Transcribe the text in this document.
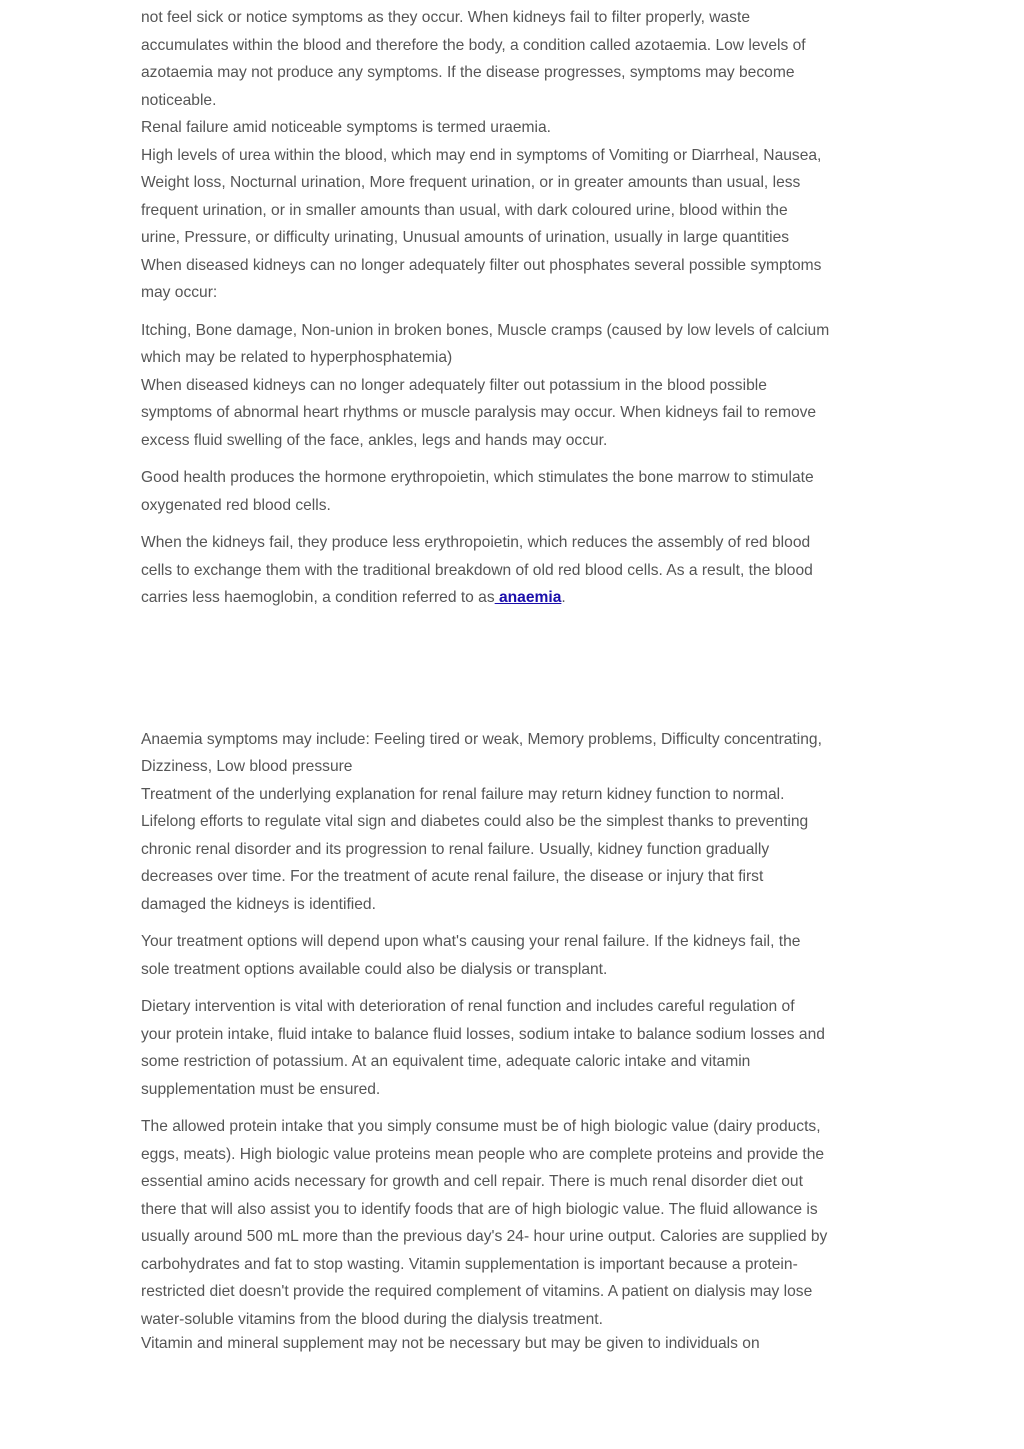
not feel sick or notice symptoms as they occur. When kidneys fail to filter properly, waste

accumulates within the blood and therefore the body, a condition called azotaemia. Low levels of

azotaemia may not produce any symptoms. If the disease progresses, symptoms may become

noticeable.

Renal failure amid noticeable symptoms is termed uraemia.

High levels of urea within the blood, which may end in symptoms of Vomiting or Diarrheal, Nausea,

Weight loss, Nocturnal urination, More frequent urination, or in greater amounts than usual, less

frequent urination, or in smaller amounts than usual, with dark coloured urine, blood within the

urine, Pressure, or difficulty urinating, Unusual amounts of urination, usually in large quantities

When diseased kidneys can no longer adequately filter out phosphates several possible symptoms

may occur:

Itching, Bone damage, Non-union in broken bones, Muscle cramps (caused by low levels of calcium

which may be related to hyperphosphatemia)

When diseased kidneys can no longer adequately filter out potassium in the blood possible

symptoms of abnormal heart rhythms or muscle paralysis may occur. When kidneys fail to remove

excess fluid swelling of the face, ankles, legs and hands may occur.

Good health produces the hormone erythropoietin, which stimulates the bone marrow to stimulate

oxygenated red blood cells.

When the kidneys fail, they produce less erythropoietin, which reduces the assembly of red blood

cells to exchange them with the traditional breakdown of old red blood cells. As a result, the blood

carries less haemoglobin, a condition referred to as anaemia.

Anaemia symptoms may include: Feeling tired or weak, Memory problems, Difficulty concentrating,

Dizziness, Low blood pressure

Treatment of the underlying explanation for renal failure may return kidney function to normal.

Lifelong efforts to regulate vital sign and diabetes could also be the simplest thanks to preventing

chronic renal disorder and its progression to renal failure. Usually, kidney function gradually

decreases over time. For the treatment of acute renal failure, the disease or injury that first

damaged the kidneys is identified.

Your treatment options will depend upon what's causing your renal failure. If the kidneys fail, the

sole treatment options available could also be dialysis or transplant.

Dietary intervention is vital with deterioration of renal function and includes careful regulation of

your protein intake, fluid intake to balance fluid losses, sodium intake to balance sodium losses and

some restriction of potassium. At an equivalent time, adequate caloric intake and vitamin

supplementation must be ensured.

The allowed protein intake that you simply consume must be of high biologic value (dairy products,

eggs, meats). High biologic value proteins mean people who are complete proteins and provide the

essential amino acids necessary for growth and cell repair. There is much renal disorder diet out

there that will also assist you to identify foods that are of high biologic value. The fluid allowance is

usually around 500 mL more than the previous day's 24- hour urine output. Calories are supplied by

carbohydrates and fat to stop wasting. Vitamin supplementation is important because a protein-

restricted diet doesn't provide the required complement of vitamins. A patient on dialysis may lose

water-soluble vitamins from the blood during the dialysis treatment.

Vitamin and mineral supplement may not be necessary but may be given to individuals on
